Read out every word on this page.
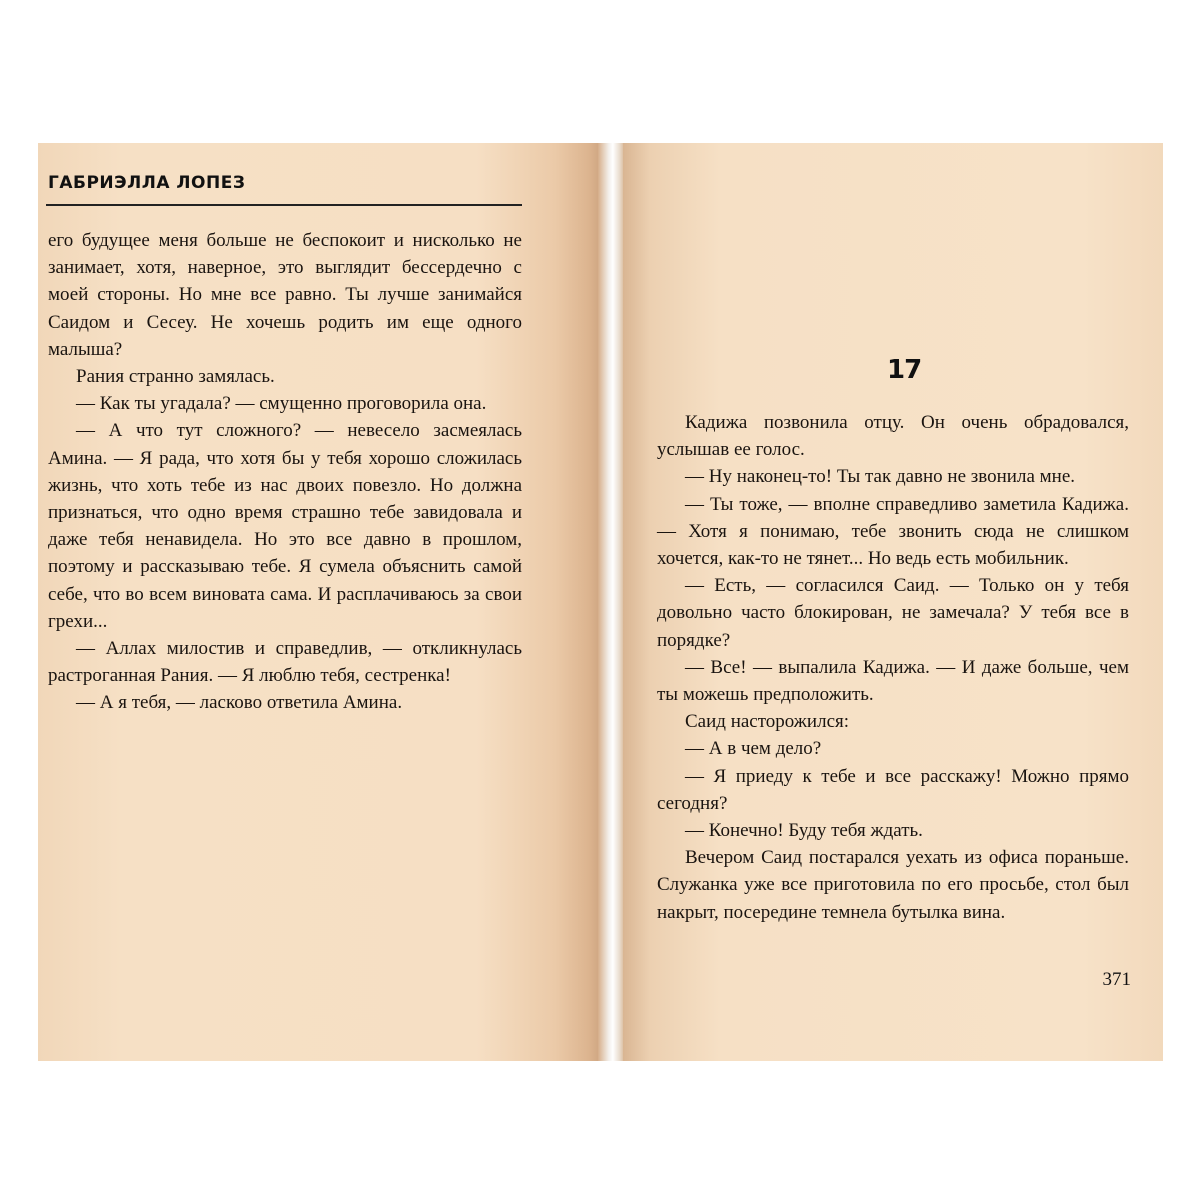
ГАБРИЭЛЛА ЛОПЕЗ

его будущее меня больше не беспокоит и нисколько не занимает, хотя, наверное, это выглядит бессердечно с моей стороны. Но мне все равно. Ты лучше занимайся Саидом и Сесеу. Не хочешь родить им еще одного малыша?

Рания странно замялась.

— Как ты угадала? — смущенно проговорила она.

— А что тут сложного? — невесело засмеялась Амина. — Я рада, что хотя бы у тебя хорошо сложилась жизнь, что хоть тебе из нас двоих повезло. Но должна признаться, что одно время страшно тебе завидовала и даже тебя ненавидела. Но это все давно в прошлом, поэтому и рассказываю тебе. Я сумела объяснить самой себе, что во всем виновата сама. И расплачиваюсь за свои грехи...

— Аллах милостив и справедлив, — откликнулась растроганная Рания. — Я люблю тебя, сестренка!

— А я тебя, — ласково ответила Амина.

17

Кадижа позвонила отцу. Он очень обрадовался, услышав ее голос.

— Ну наконец-то! Ты так давно не звонила мне.

— Ты тоже, — вполне справедливо заметила Кадижа. — Хотя я понимаю, тебе звонить сюда не слишком хочется, как-то не тянет... Но ведь есть мобильник.

— Есть, — согласился Саид. — Только он у тебя довольно часто блокирован, не замечала? У тебя все в порядке?

— Все! — выпалила Кадижа. — И даже больше, чем ты можешь предположить.

Саид насторожился:

— А в чем дело?

— Я приеду к тебе и все расскажу! Можно прямо сегодня?

— Конечно! Буду тебя ждать.

Вечером Саид постарался уехать из офиса пораньше. Служанка уже все приготовила по его просьбе, стол был накрыт, посередине темнела бутылка вина.

371
